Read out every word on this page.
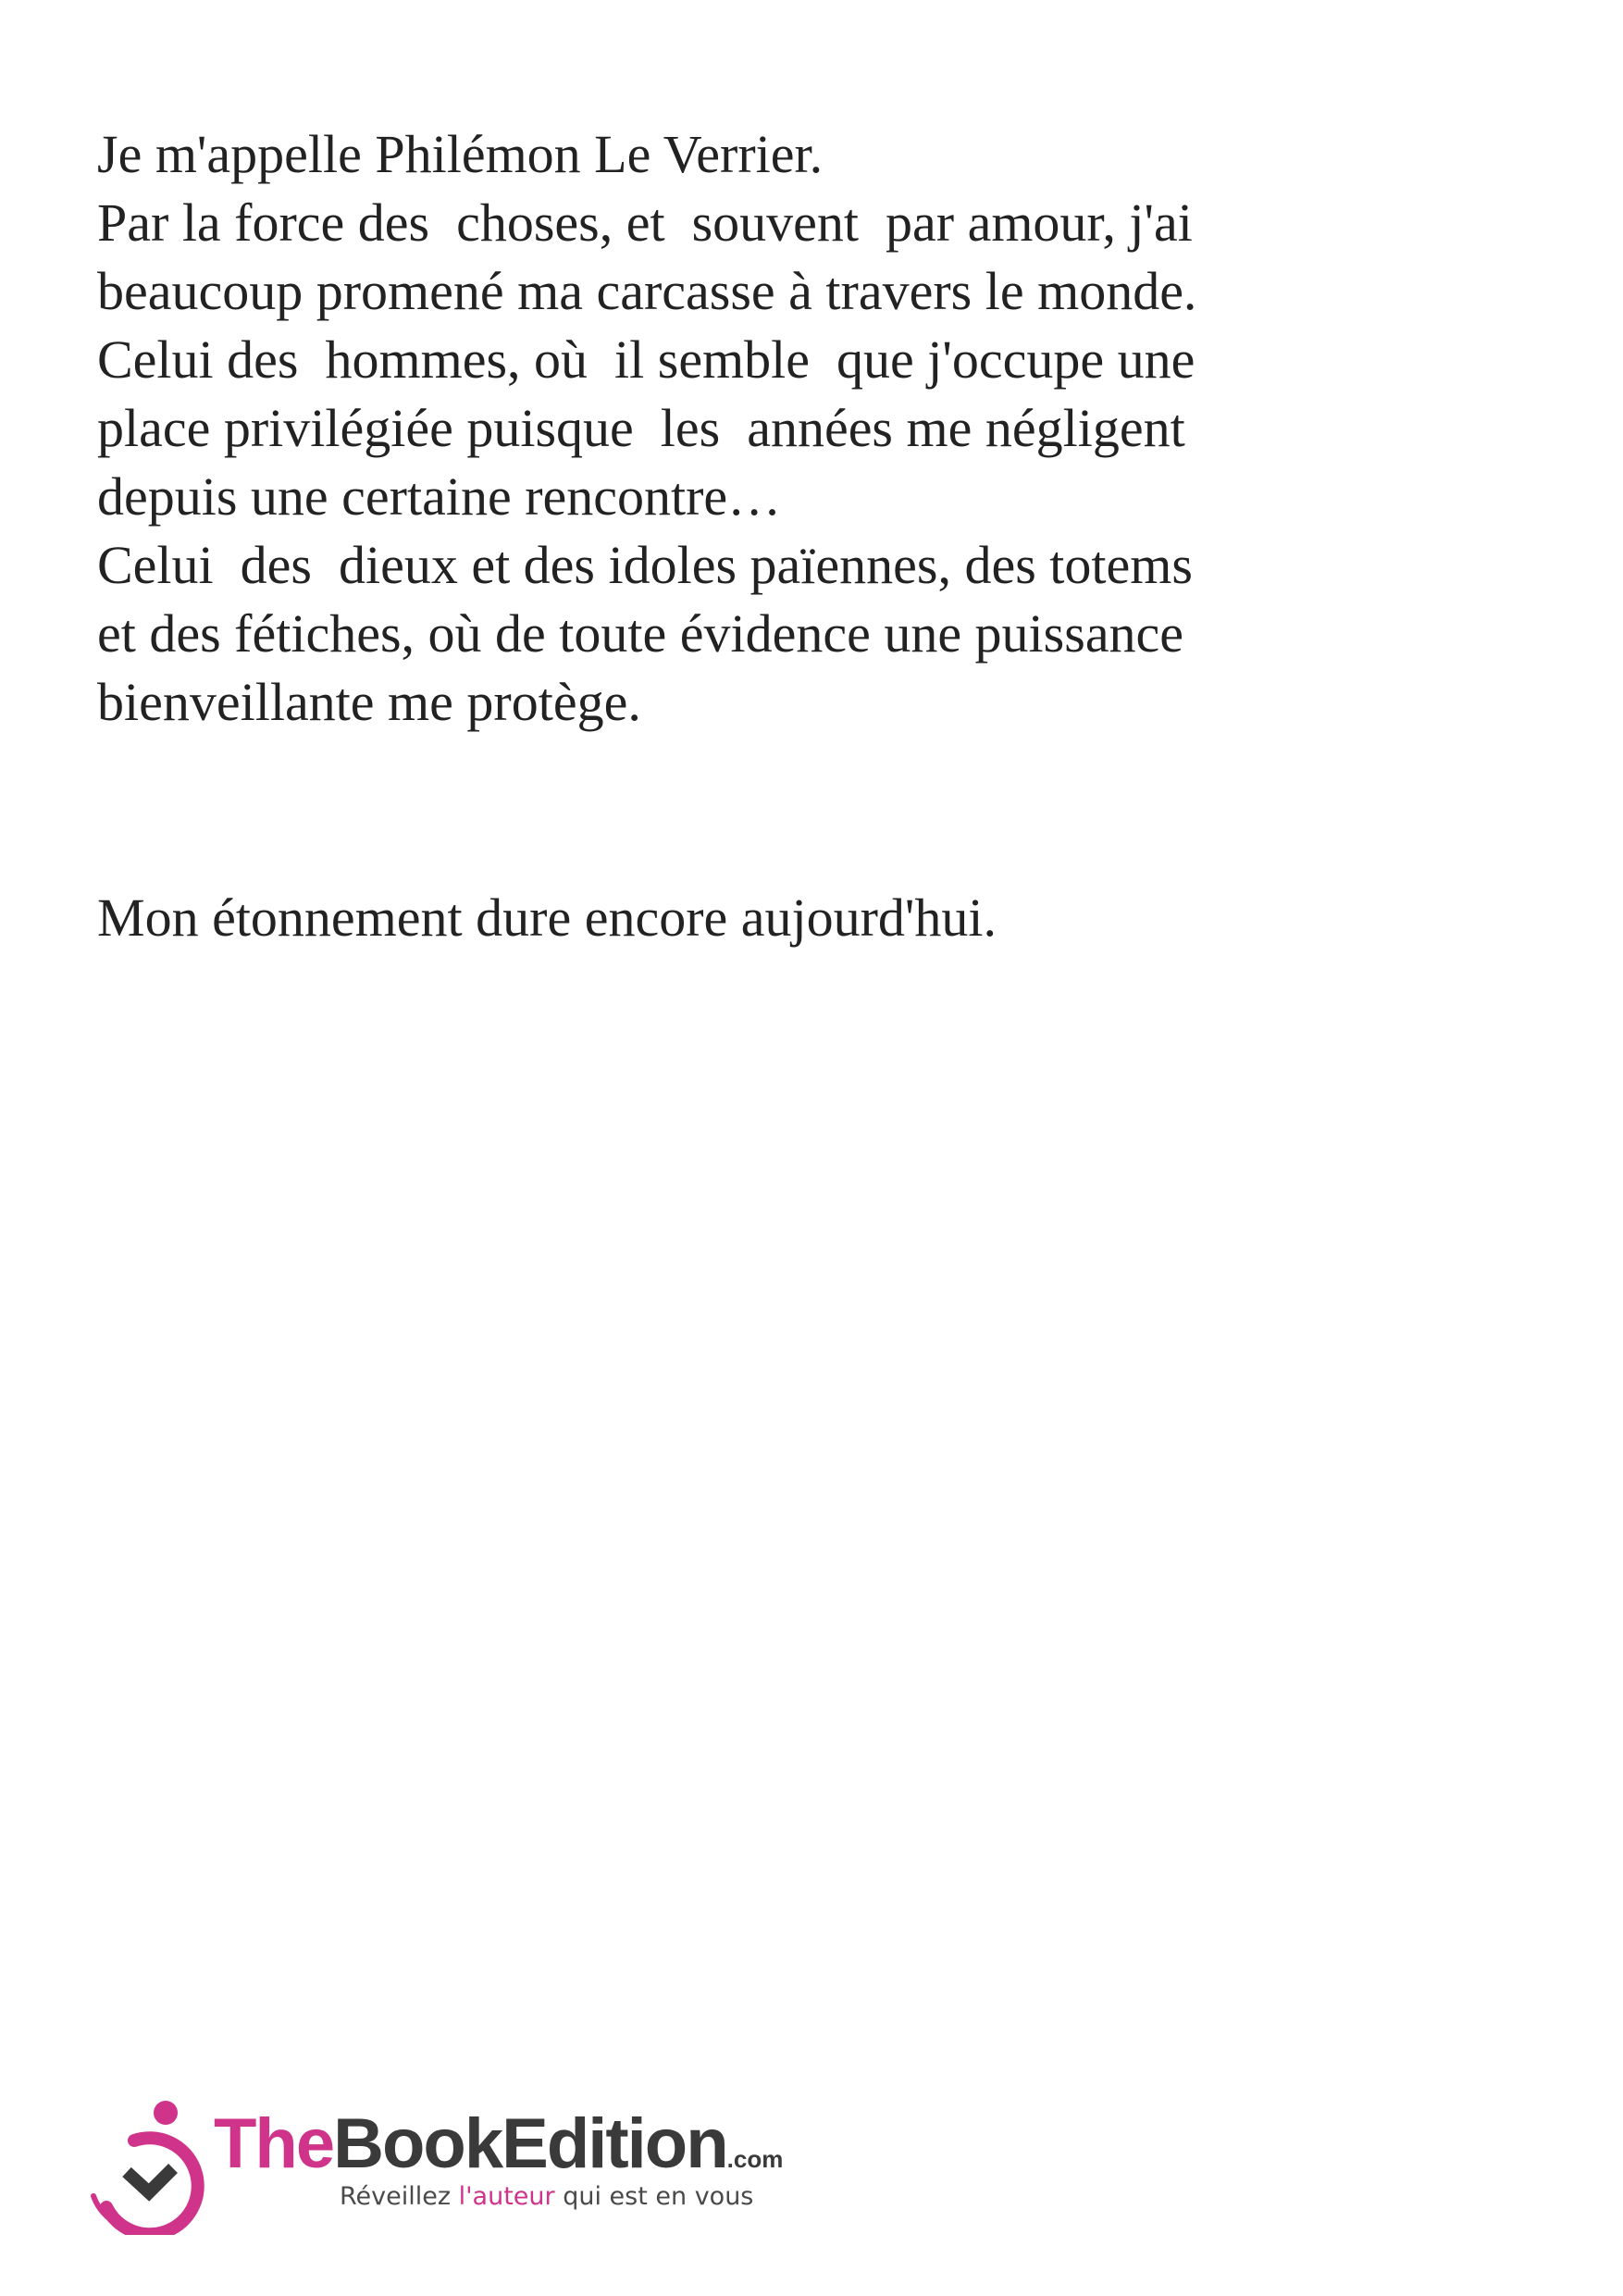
Je m'appelle Philémon Le Verrier.
Par la force des  choses, et  souvent  par amour, j'ai
beaucoup promené ma carcasse à travers le monde.
Celui des  hommes, où  il semble  que j'occupe une
place privilégiée puisque  les  années me négligent
depuis une certaine rencontre…
Celui  des  dieux et des idoles païennes, des totems
et des fétiches, où de toute évidence une puissance
bienveillante me protège.
Mon étonnement dure encore aujourd'hui.
TheBookEdition.com
Réveillez l'auteur qui est en vous
